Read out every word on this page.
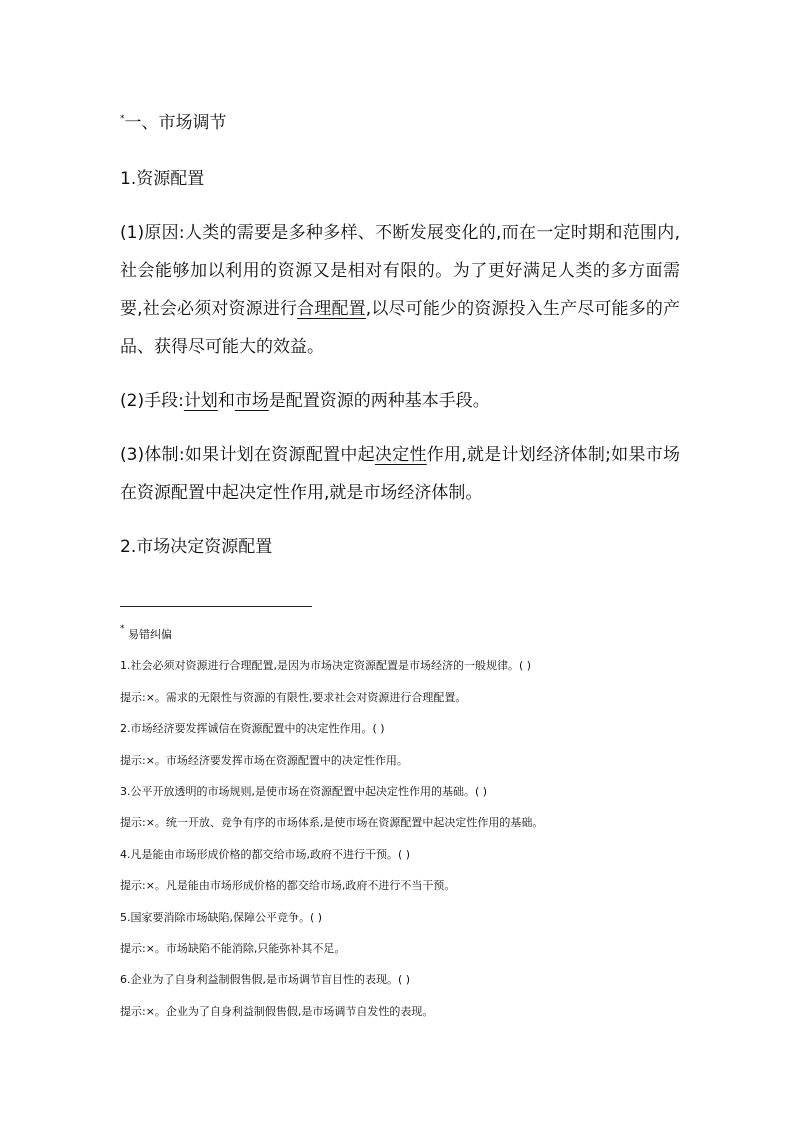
*一、市场调节

1.资源配置

(1)原因:人类的需要是多种多样、不断发展变化的,而在一定时期和范围内,社会能够加以利用的资源又是相对有限的。为了更好满足人类的多方面需要,社会必须对资源进行合理配置,以尽可能少的资源投入生产尽可能多的产品、获得尽可能大的效益。

(2)手段:计划和市场是配置资源的两种基本手段。

(3)体制:如果计划在资源配置中起决定性作用,就是计划经济体制;如果市场在资源配置中起决定性作用,就是市场经济体制。

2.市场决定资源配置

* 易错纠偏

1.社会必须对资源进行合理配置,是因为市场决定资源配置是市场经济的一般规律。( )

提示:×。需求的无限性与资源的有限性,要求社会对资源进行合理配置。

2.市场经济要发挥诚信在资源配置中的决定性作用。( )

提示:×。市场经济要发挥市场在资源配置中的决定性作用。

3.公平开放透明的市场规则,是使市场在资源配置中起决定性作用的基础。( )

提示:×。统一开放、竞争有序的市场体系,是使市场在资源配置中起决定性作用的基础。

4.凡是能由市场形成价格的都交给市场,政府不进行干预。( )

提示:×。凡是能由市场形成价格的都交给市场,政府不进行不当干预。

5.国家要消除市场缺陷,保障公平竞争。( )

提示:×。市场缺陷不能消除,只能弥补其不足。

6.企业为了自身利益制假售假,是市场调节盲目性的表现。( )

提示:×。企业为了自身利益制假售假,是市场调节自发性的表现。
